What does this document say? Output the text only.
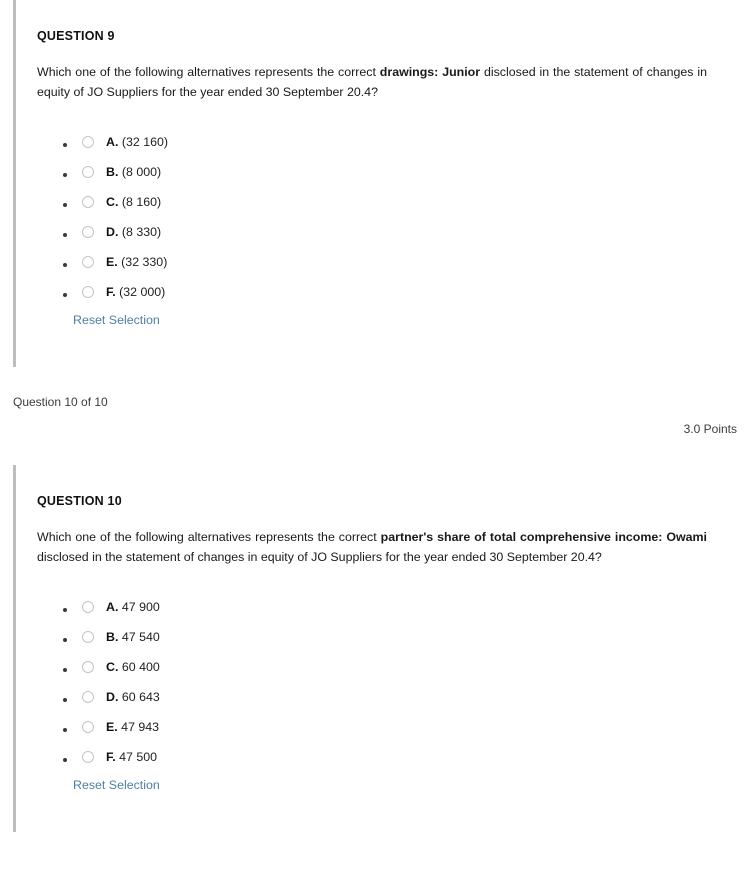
QUESTION 9

Which one of the following alternatives represents the correct drawings: Junior disclosed in the statement of changes in equity of JO Suppliers for the year ended 30 September 20.4?

• A. (32 160)
• B. (8 000)
• C. (8 160)
• D. (8 330)
• E. (32 330)
• F. (32 000)
Reset Selection
Question 10 of 10
3.0 Points
QUESTION 10

Which one of the following alternatives represents the correct partner's share of total comprehensive income: Owami disclosed in the statement of changes in equity of JO Suppliers for the year ended 30 September 20.4?

• A. 47 900
• B. 47 540
• C. 60 400
• D. 60 643
• E. 47 943
• F. 47 500
Reset Selection
